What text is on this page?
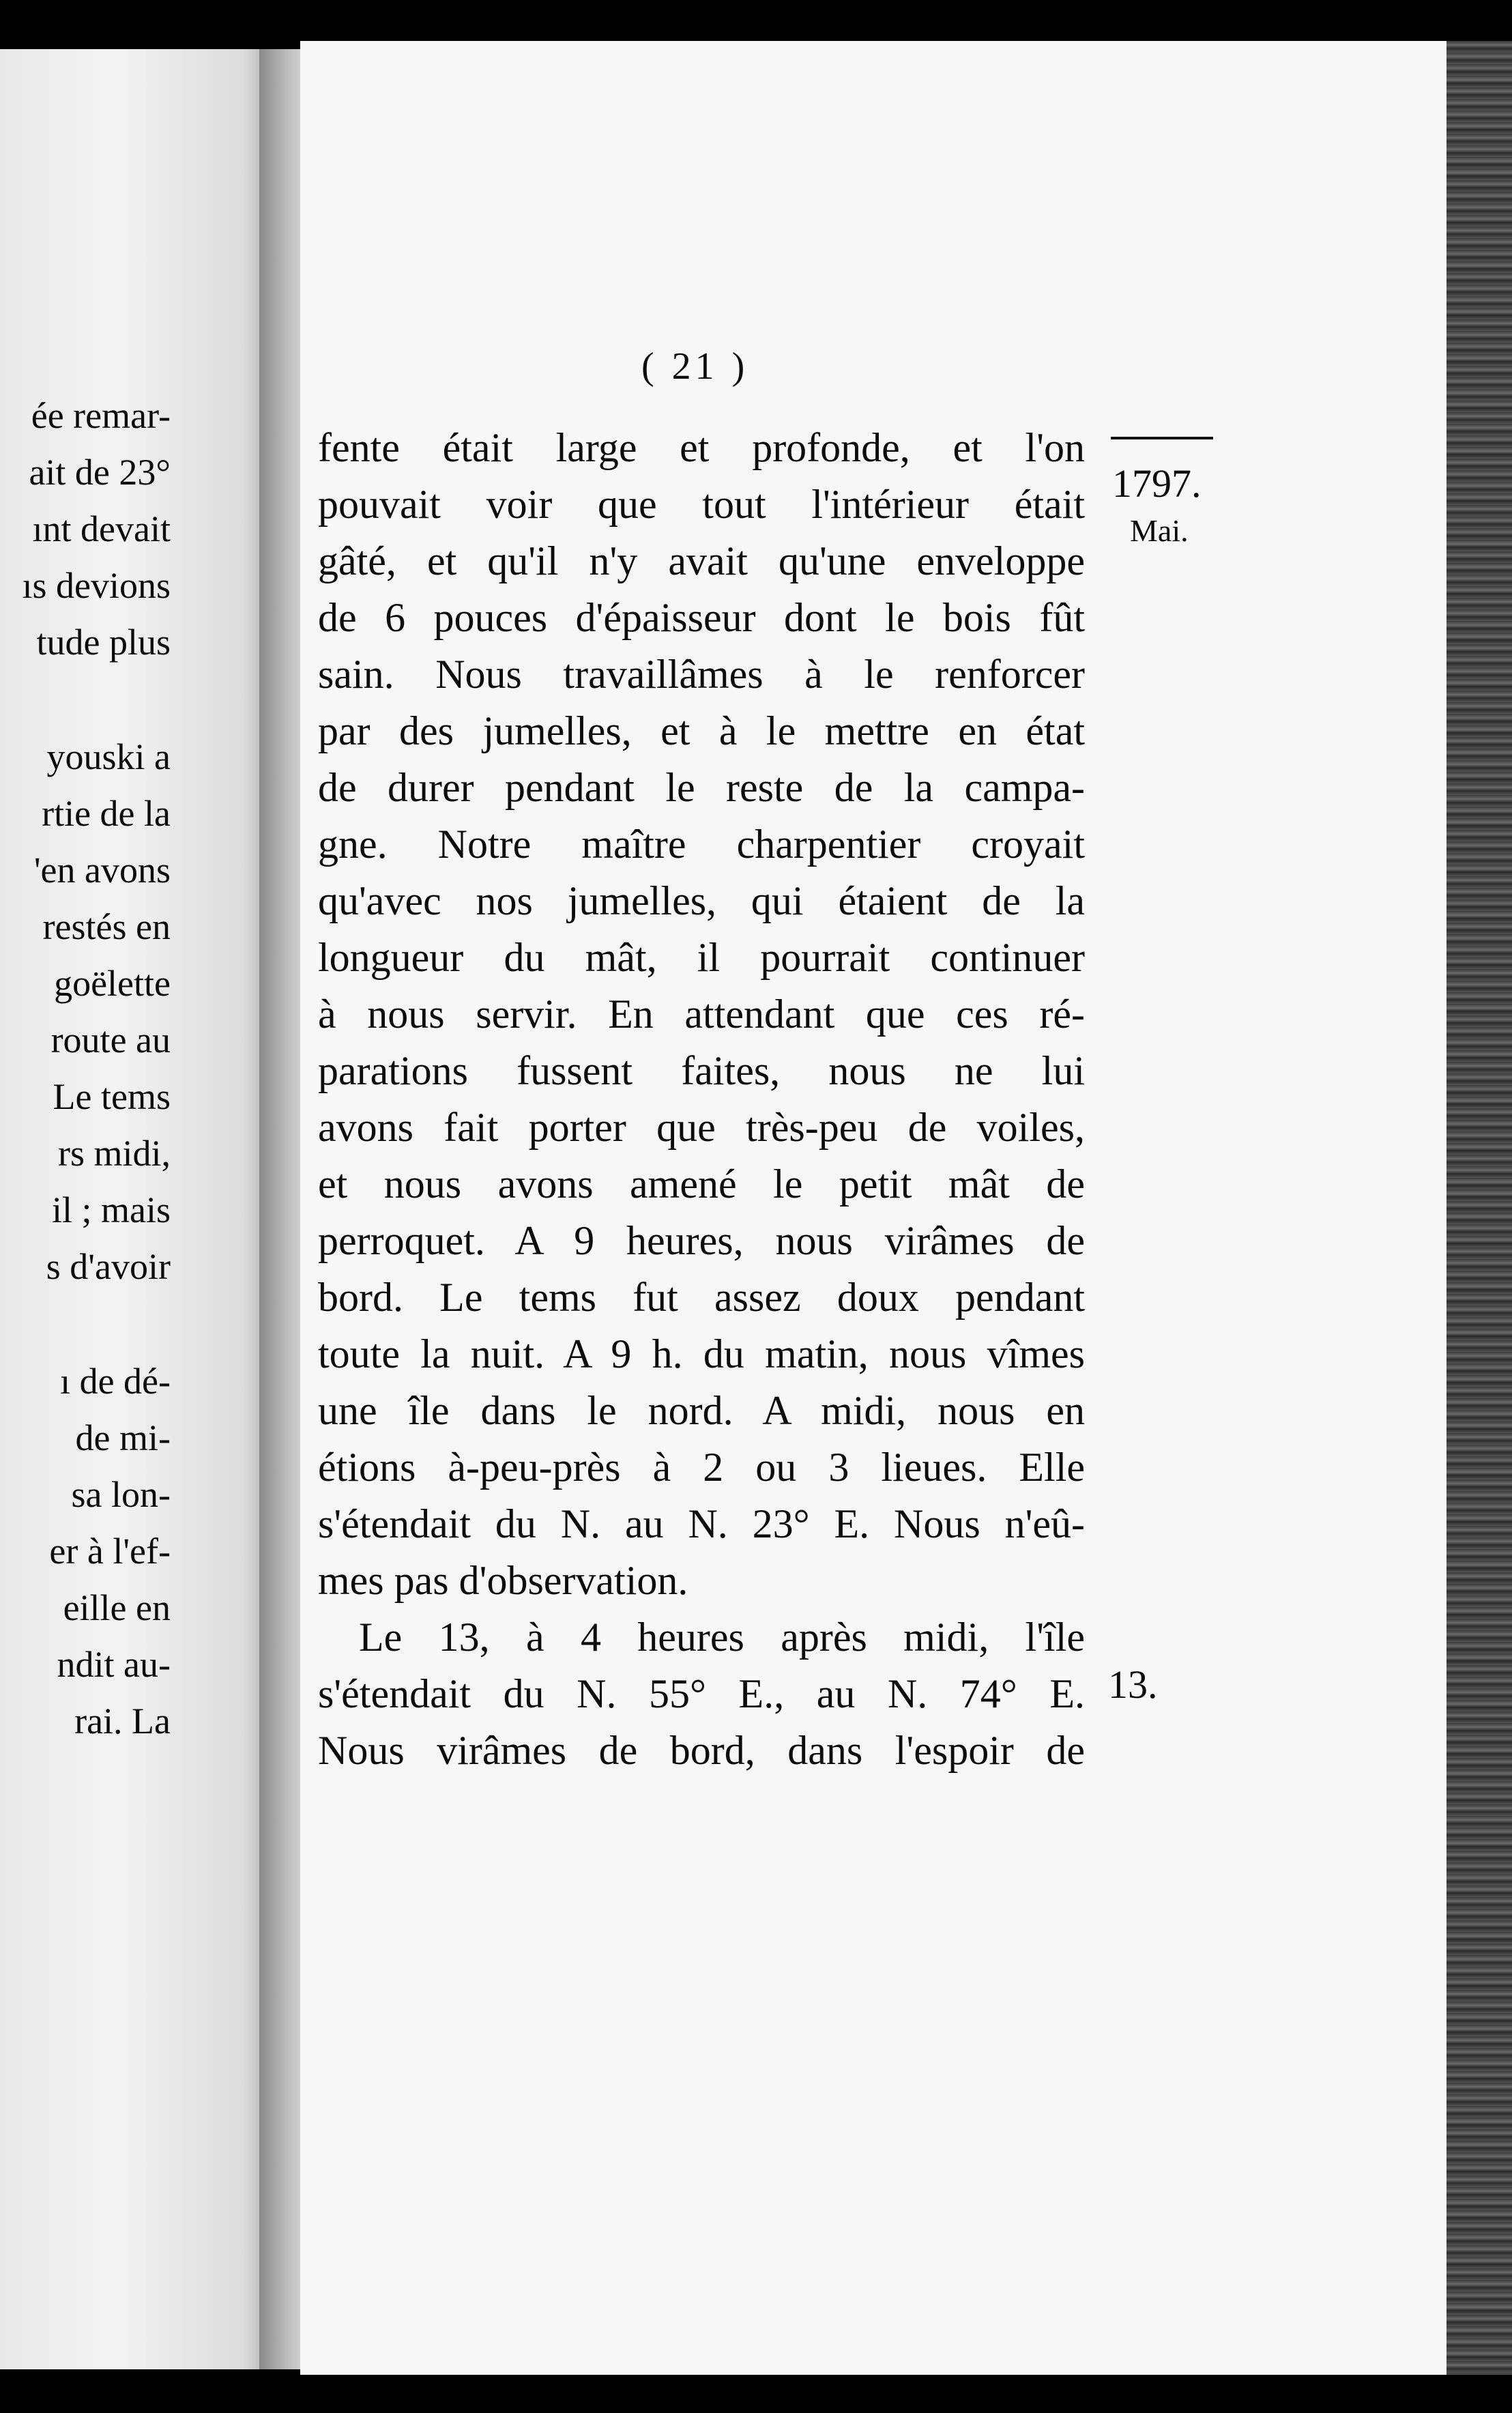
ée remar-
ait de 23°
ınt devait
ıs devions
tude plus
youski a
rtie de la
'en avons
restés en
goëlette
route au
Le tems
rs midi,
il ; mais
s d'avoir
ı de dé-
de mi-
sa lon-
er à l'ef-
eille en
ndit au-
rai. La
( 21 )
1797.
Mai.
13.
fente était large et profonde, et l'on
pouvait voir que tout l'intérieur était
gâté, et qu'il n'y avait qu'une enveloppe
de 6 pouces d'épaisseur dont le bois fût
sain. Nous travaillâmes à le renforcer
par des jumelles, et à le mettre en état
de durer pendant le reste de la campa-
gne. Notre maître charpentier croyait
qu'avec nos jumelles, qui étaient de la
longueur du mât, il pourrait continuer
à nous servir. En attendant que ces ré-
parations fussent faites, nous ne lui
avons fait porter que très-peu de voiles,
et nous avons amené le petit mât de
perroquet. A 9 heures, nous virâmes de
bord. Le tems fut assez doux pendant
toute la nuit. A 9 h. du matin, nous vîmes
une île dans le nord. A midi, nous en
étions à-peu-près à 2 ou 3 lieues. Elle
s'étendait du N. au N. 23° E. Nous n'eû-
mes pas d'observation.
Le 13, à 4 heures après midi, l'île
s'étendait du N. 55° E., au N. 74° E.
Nous virâmes de bord, dans l'espoir de
